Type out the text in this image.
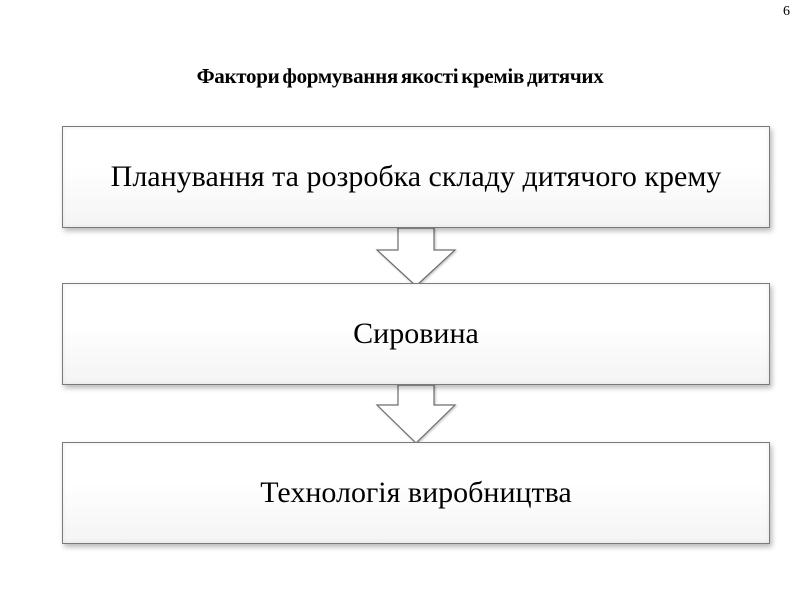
6
Фактори формування якості кремів дитячих
Планування та розробка складу дитячого крему
Сировина
Технологія виробництва
